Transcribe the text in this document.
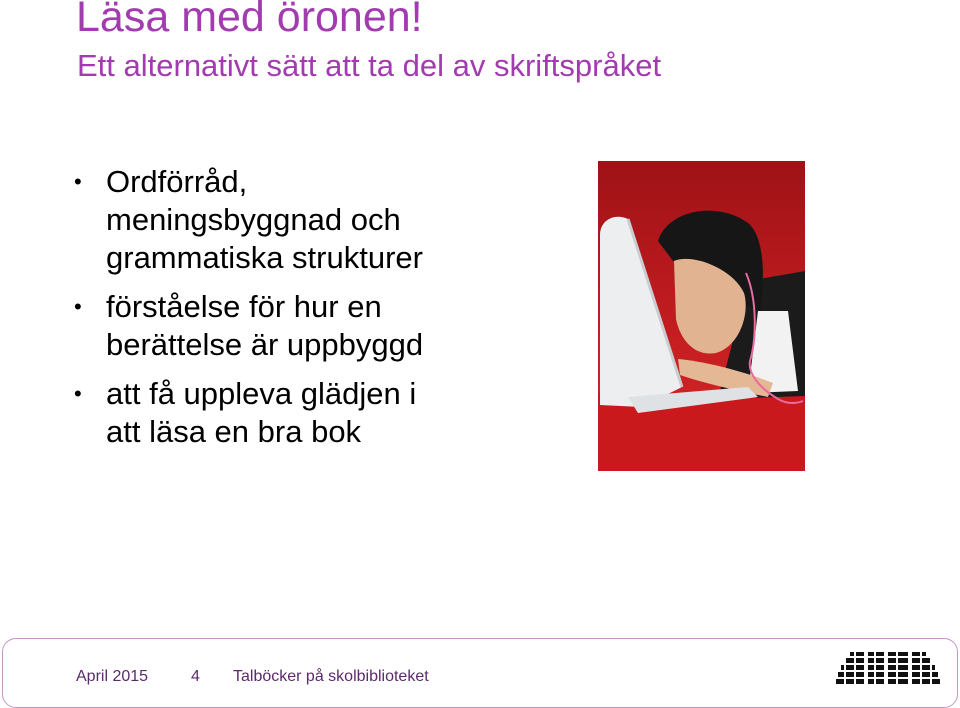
Läsa med öronen!
Ett alternativt sätt att ta del av skriftspråket
• Ordförråd,
meningsbyggnad och
grammatiska strukturer
• förståelse för hur en
berättelse är uppbyggd
• att få uppleva glädjen i
att läsa en bra bok
April 2015	4 Talböcker på skolbiblioteket
